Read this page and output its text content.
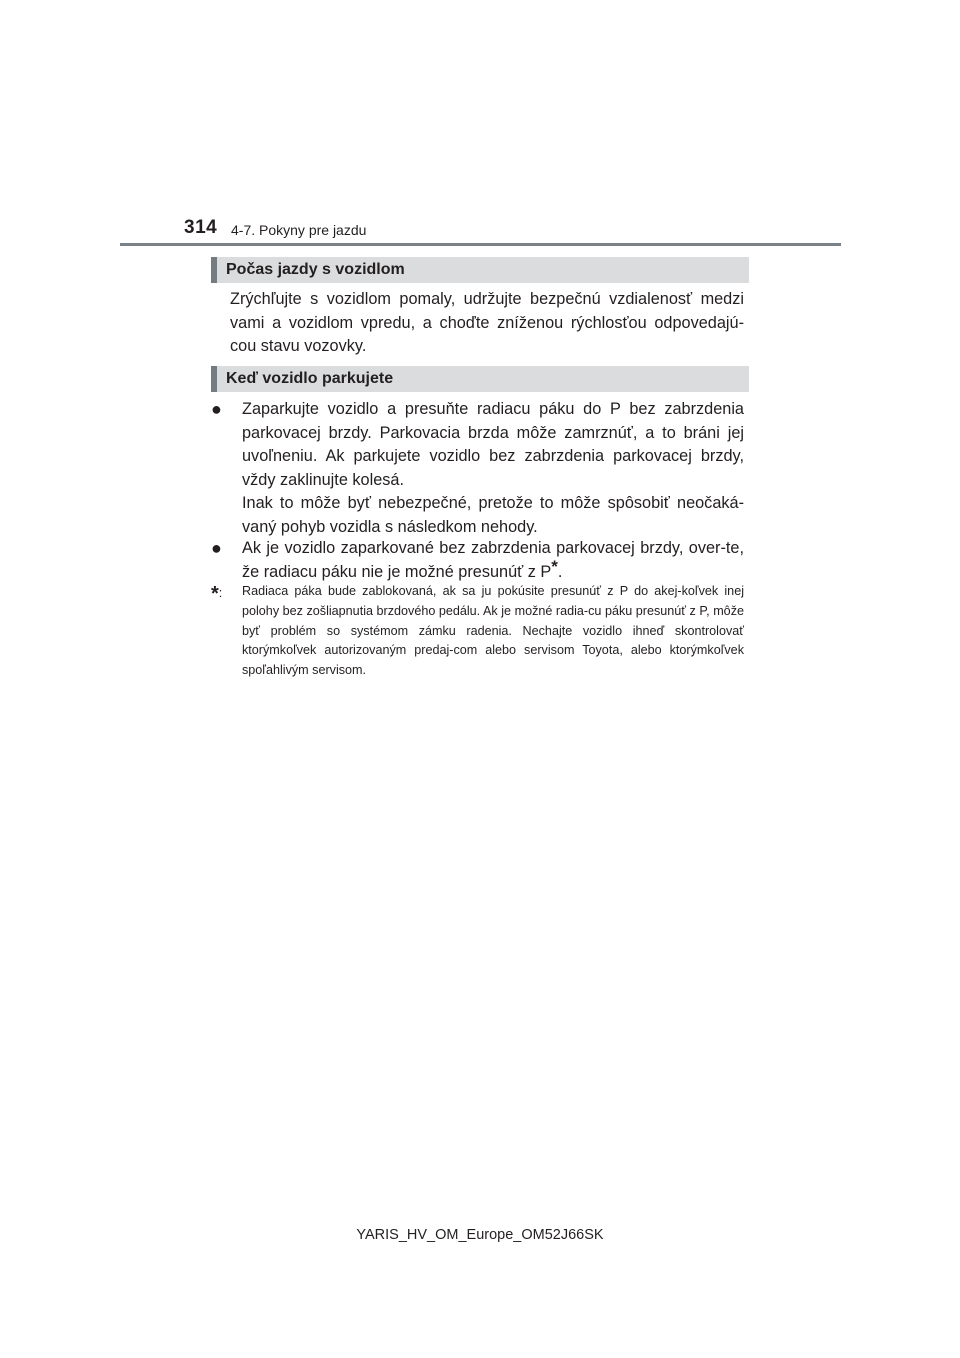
314 4-7. Pokyny pre jazdu
Počas jazdy s vozidlom

Zrýchľujte s vozidlom pomaly, udržujte bezpečnú vzdialenosť medzi vami a vozidlom vpredu, a choďte zníženou rýchlosťou odpovedajú-cou stavu vozovky.

Keď vozidlo parkujete
● Zaparkujte vozidlo a presuňte radiacu páku do P bez zabrzdenia parkovacej brzdy. Parkovacia brzda môže zamrznúť, a to bráni jej uvoľneniu. Ak parkujete vozidlo bez zabrzdenia parkovacej brzdy, vždy zaklinujte kolesá.

Inak to môže byť nebezpečné, pretože to môže spôsobiť neočaká-vaný pohyb vozidla s následkom nehody.

● Ak je vozidlo zaparkované bez zabrzdenia parkovacej brzdy, over-te, že radiacu páku nie je možné presunúť z P*.

*: Radiaca páka bude zablokovaná, ak sa ju pokúsite presunúť z P do akej-koľvek inej polohy bez zošliapnutia brzdového pedálu. Ak je možné radia-cu páku presunúť z P, môže byť problém so systémom zámku radenia. Nechajte vozidlo ihneď skontrolovať ktorýmkoľvek autorizovaným predaj-com alebo servisom Toyota, alebo ktorýmkoľvek spoľahlivým servisom.

YARIS_HV_OM_Europe_OM52J66SK
